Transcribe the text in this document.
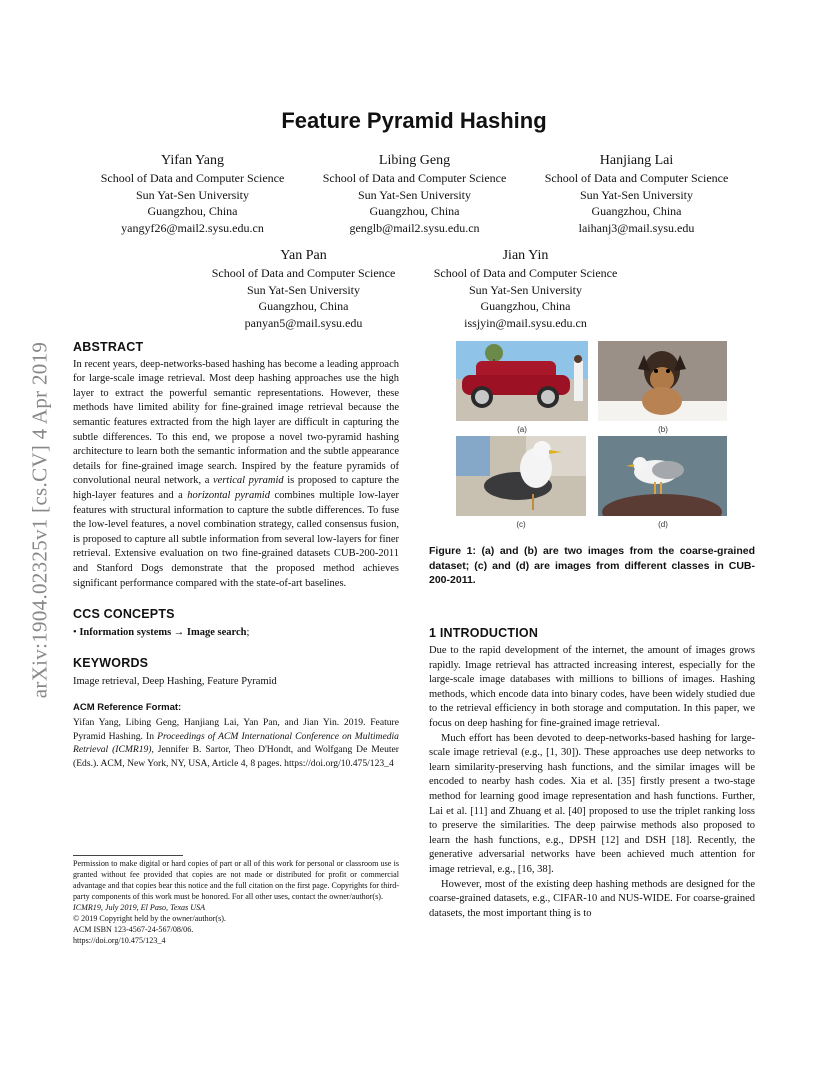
arXiv:1904.02325v1 [cs.CV] 4 Apr 2019
Feature Pyramid Hashing
Yifan Yang
School of Data and Computer Science
Sun Yat-Sen University
Guangzhou, China
yangyf26@mail2.sysu.edu.cn
Libing Geng
School of Data and Computer Science
Sun Yat-Sen University
Guangzhou, China
genglb@mail2.sysu.edu.cn
Hanjiang Lai
School of Data and Computer Science
Sun Yat-Sen University
Guangzhou, China
laihanj3@mail.sysu.edu
Yan Pan
School of Data and Computer Science
Sun Yat-Sen University
Guangzhou, China
panyan5@mail.sysu.edu
Jian Yin
School of Data and Computer Science
Sun Yat-Sen University
Guangzhou, China
issjyin@mail.sysu.edu.cn
ABSTRACT

In recent years, deep-networks-based hashing has become a leading approach for large-scale image retrieval. Most deep hashing approaches use the high layer to extract the powerful semantic representations. However, these methods have limited ability for fine-grained image retrieval because the semantic features extracted from the high layer are difficult in capturing the subtle differences. To this end, we propose a novel two-pyramid hashing architecture to learn both the semantic information and the subtle appearance details for fine-grained image search. Inspired by the feature pyramids of convolutional neural network, a vertical pyramid is proposed to capture the high-layer features and a horizontal pyramid combines multiple low-layer features with structural information to capture the subtle differences. To fuse the low-level features, a novel combination strategy, called consensus fusion, is proposed to capture all subtle information from several low-layers for finer retrieval. Extensive evaluation on two fine-grained datasets CUB-200-2011 and Stanford Dogs demonstrate that the proposed method achieves significant performance compared with the state-of-art baselines.

CCS CONCEPTS

• Information systems → Image search;

KEYWORDS

Image retrieval, Deep Hashing, Feature Pyramid

ACM Reference Format:

Yifan Yang, Libing Geng, Hanjiang Lai, Yan Pan, and Jian Yin. 2019. Feature Pyramid Hashing. In Proceedings of ACM International Conference on Multimedia Retrieval (ICMR19), Jennifer B. Sartor, Theo D'Hondt, and Wolfgang De Meuter (Eds.). ACM, New York, NY, USA, Article 4, 8 pages. https://doi.org/10.475/123_4

Permission to make digital or hard copies of part or all of this work for personal or classroom use is granted without fee provided that copies are not made or distributed for profit or commercial advantage and that copies bear this notice and the full citation on the first page. Copyrights for third-party components of this work must be honored. For all other uses, contact the owner/author(s).

ICMR19, July 2019, El Paso, Texas USA

© 2019 Copyright held by the owner/author(s).

ACM ISBN 123-4567-24-567/08/06.

https://doi.org/10.475/123_4

(a)	(b)
(c)	(d)

Figure 1: (a) and (b) are two images from the coarse-grained dataset; (c) and (d) are images from different classes in CUB-200-2011.

1 INTRODUCTION

Due to the rapid development of the internet, the amount of images grows rapidly. Image retrieval has attracted increasing interest, especially for the large-scale image databases with millions to billions of images. Hashing methods, which encode data into binary codes, have been widely studied due to the retrieval efficiency in both storage and computation. In this paper, we focus on deep hashing for fine-grained image retrieval.

Much effort has been devoted to deep-networks-based hashing for large-scale image retrieval (e.g., [1, 30]). These approaches use deep networks to learn similarity-preserving hash functions, and the similar images will be encoded to nearby hash codes. Xia et al. [35] firstly present a two-stage method for learning good image representation and hash functions. Further, Lai et al. [11] and Zhuang et al. [40] proposed to use the triplet ranking loss to preserve the similarities. The deep pairwise methods also proposed to learn the hash functions, e.g., DPSH [12] and DSH [18]. Recently, the generative adversarial networks have been achieved much attention for image retrieval, e.g., [16, 38].

However, most of the existing deep hashing methods are designed for the coarse-grained datasets, e.g., CIFAR-10 and NUS-WIDE. For coarse-grained datasets, the most important thing is to
